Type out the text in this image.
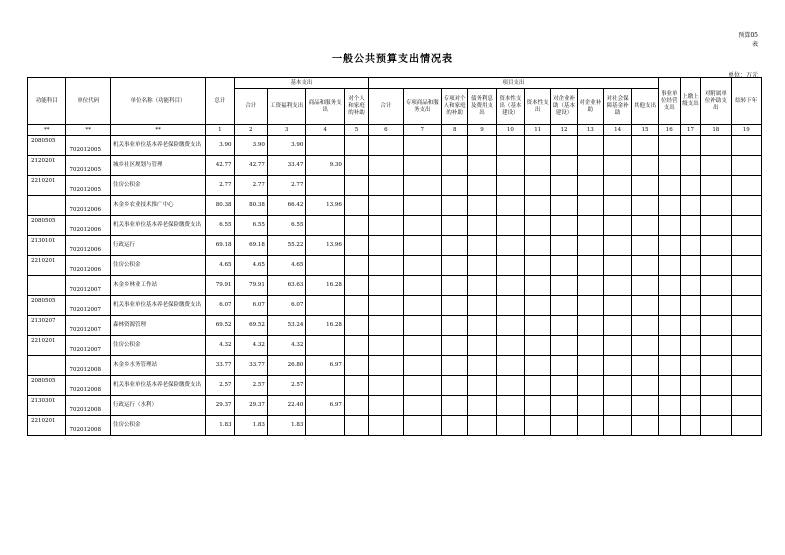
预算05
表
一般公共预算支出情况表
单位：万元
功能科目	单位代码	单位名称（功能科目）	总计	基本支出				项目支出										事业单位经营支出	上缴上级支出	对附属单位补助支出	结转下年
				合计	工资福利支出	商品和服务支出	对个人和家庭的补助	合计	专项商品和服务支出	专项对个人和家庭的补助	债务利息及费用支出	资本性支出（基本建设）	资本性支出	对企业补助（基本建设）	对企业补助	对社会保障基金补助	其他支出				
**	**	**	1	2	3	4	5	6	7	8	9	10	11	12	13	14	15	16	17	18	19
2080505	702012005	机关事业单位基本养老保险缴费支出	3.90	3.90	3.90																
2120201	702012005	城乡社区规划与管理	42.77	42.77	33.47	9.30															
2210201	702012005	住房公积金	2.77	2.77	2.77																
	702012006	木金乡农业技术推广中心	80.38	80.38	66.42	13.96															
2080505	702012006	机关事业单位基本养老保险缴费支出	6.55	6.55	6.55																
2130101	702012006	行政运行	69.18	69.18	55.22	13.96															
2210201	702012006	住房公积金	4.65	4.65	4.65																
	702012007	木金乡林业工作站	79.91	79.91	63.63	16.28															
2080505	702012007	机关事业单位基本养老保险缴费支出	6.07	6.07	6.07																
2130207	702012007	森林资源管理	69.52	69.52	53.24	16.28															
2210201	702012007	住房公积金	4.32	4.32	4.32																
	702012008	木金乡水务管理站	33.77	33.77	26.80	6.97															
2080505	702012008	机关事业单位基本养老保险缴费支出	2.57	2.57	2.57																
2130301	702012008	行政运行（水利）	29.37	29.37	22.40	6.97															
2210201	702012008	住房公积金	1.83	1.83	1.83																
